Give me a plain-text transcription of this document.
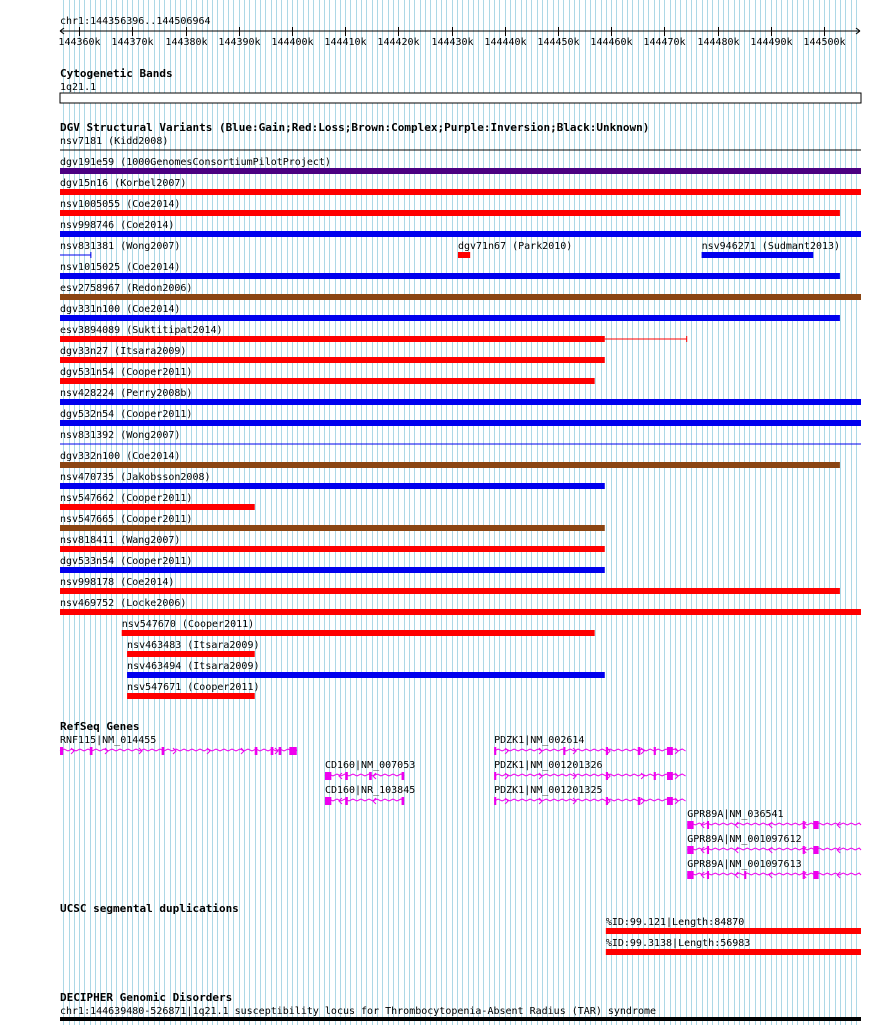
chr1:144356396..144506964
144360k 144370k 144380k 144390k 144400k 144410k 144420k 144430k 144440k 144450k 144460k 144470k 144480k 144490k 144500k
Cytogenetic Bands
1q21.1
DGV Structural Variants (Blue:Gain;Red:Loss;Brown:Complex;Purple:Inversion;Black:Unknown)
nsv7181 (Kidd2008)
dgv191e59 (1000GenomesConsortiumPilotProject)
dgv15n16 (Korbel2007)
nsv1005055 (Coe2014)
nsv998746 (Coe2014)
nsv831381 (Wong2007)	dgv71n67 (Park2010)	nsv946271 (Sudmant2013)
nsv1015025 (Coe2014)
esv2758967 (Redon2006)
dgv331n100 (Coe2014)
esv3894089 (Suktitipat2014)
dgv33n27 (Itsara2009)
dgv531n54 (Cooper2011)
nsv428224 (Perry2008b)
dgv532n54 (Cooper2011)
nsv831392 (Wong2007)
dgv332n100 (Coe2014)
nsv470735 (Jakobsson2008)
nsv547662 (Cooper2011)
nsv547665 (Cooper2011)
nsv818411 (Wang2007)
dgv533n54 (Cooper2011)
nsv998178 (Coe2014)
nsv469752 (Locke2006)
nsv547670 (Cooper2011)
nsv463483 (Itsara2009)
nsv463494 (Itsara2009)
nsv547671 (Cooper2011)
RefSeq Genes
RNF115|NM_014455
CD160|NM_007053
CD160|NR_103845
PDZK1|NM_002614
PDZK1|NM_001201326
PDZK1|NM_001201325
GPR89A|NM_036541
GPR89A|NM_001097612
GPR89A|NM_001097613
UCSC segmental duplications
%ID:99.121|Length:84870
%ID:99.3138|Length:56983
DECIPHER Genomic Disorders
chr1:144639480-526871|1q21.1 susceptibility locus for Thrombocytopenia-Absent Radius (TAR) syndrome
